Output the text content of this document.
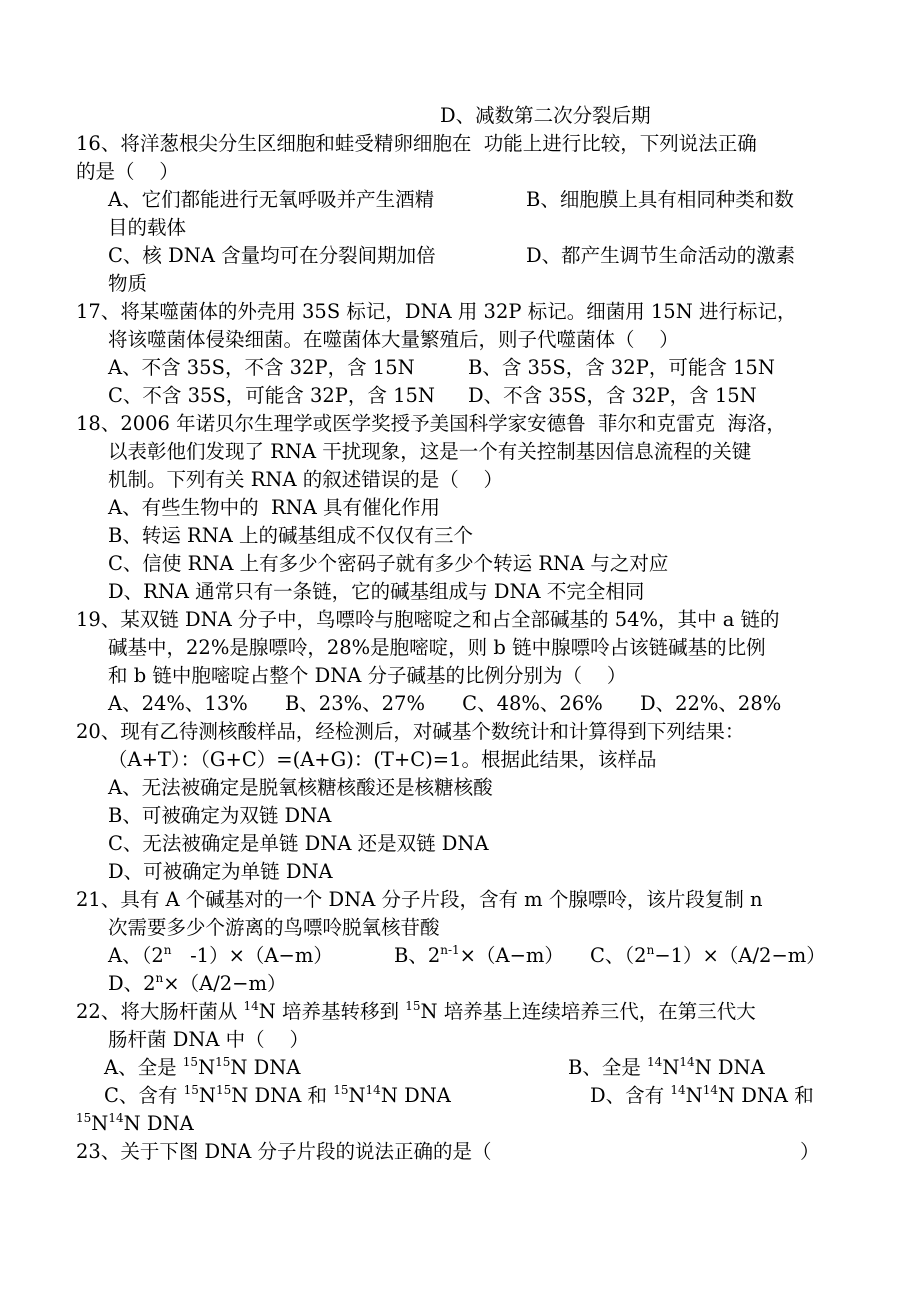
D、减数第二次分裂后期
16、将洋葱根尖分生区细胞和蛙受精卵细胞在  功能上进行比较，下列说法正确
的是（    ）
A、它们都能进行无氧呼吸并产生酒精	B、细胞膜上具有相同种类和数
目的载体
C、核 DNA 含量均可在分裂间期加倍	D、都产生调节生命活动的激素
物质
17、将某噬菌体的外壳用 35S 标记，DNA 用 32P 标记。细菌用 15N 进行标记，
将该噬菌体侵染细菌。在噬菌体大量繁殖后，则子代噬菌体（    ）
A、不含 35S，不含 32P，含 15N	B、含 35S，含 32P，可能含 15N
C、不含 35S，可能含 32P，含 15N D、不含 35S，含 32P，含 15N
18、2006 年诺贝尔生理学或医学奖授予美国科学家安德鲁  菲尔和克雷克  海洛，
以表彰他们发现了 RNA 干扰现象，这是一个有关控制基因信息流程的关键
机制。下列有关 RNA 的叙述错误的是（    ）
A、有些生物中的  RNA 具有催化作用
B、转运 RNA 上的碱基组成不仅仅有三个
C、信使 RNA 上有多少个密码子就有多少个转运 RNA 与之对应
D、RNA 通常只有一条链，它的碱基组成与 DNA 不完全相同
19、某双链 DNA 分子中，鸟嘌呤与胞嘧啶之和占全部碱基的 54%，其中 a 链的
碱基中，22%是腺嘌呤，28%是胞嘧啶，则 b 链中腺嘌呤占该链碱基的比例
和 b 链中胞嘧啶占整个 DNA 分子碱基的比例分别为（    ）
A、24%、13%      B、23%、27%      C、48%、26%      D、22%、28%
20、现有乙待测核酸样品，经检测后，对碱基个数统计和计算得到下列结果：
（A+T）：（G+C）=(A+G)：(T+C)=1。根据此结果，该样品
A、无法被确定是脱氧核糖核酸还是核糖核酸
B、可被确定为双链 DNA
C、无法被确定是单链 DNA 还是双链 DNA
D、可被确定为单链 DNA
21、具有 A 个碱基对的一个 DNA 分子片段，含有 m 个腺嘌呤，该片段复制 n
次需要多少个游离的鸟嘌呤脱氧核苷酸
A、（2$^n$   -1）×（A−m）	B、$2^{n-1}\times(A-m)$ C、$(2^n-1)\times(A/2-m)$
D、$2^n\times(A/2-m)$
22、将大肠杆菌从 $^{14}$N 培养基转移到 $^{15}$N 培养基上连续培养三代，在第三代大
肠杆菌 DNA 中（    ）
A、全是 $^{15}N^{15}N$ DNA	B、全是 $^{14}N^{14}N$ DNA
C、含有 $^{15}N^{15}N$ DNA 和 $^{15}N^{14}N$ DNA	D、含有 $^{14}N^{14}N$ DNA 和
$^{15}N^{14}N$ DNA
23、关于下图 DNA 分子片段的说法正确的是（	）
